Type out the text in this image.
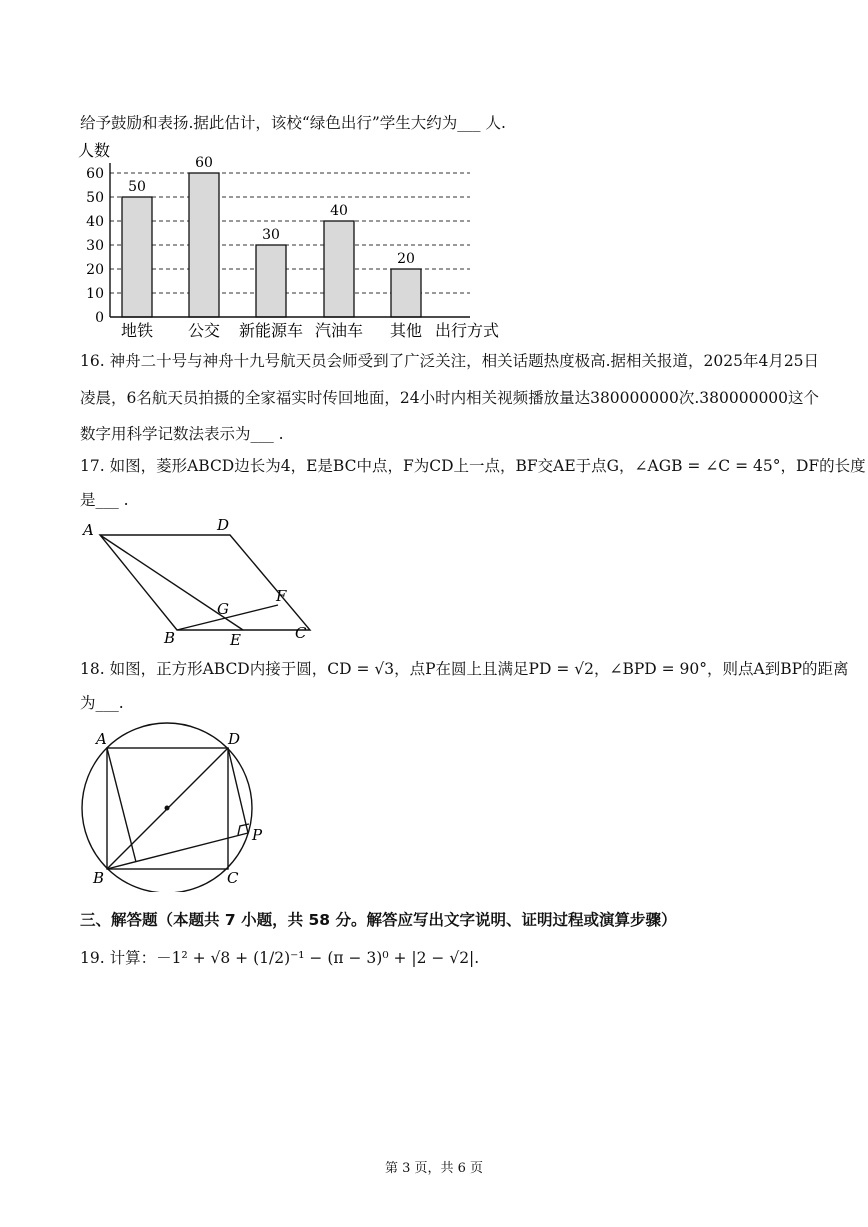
给予鼓励和表扬.据此估计，该校“绿色出行”学生大约为___ 人.
50
60
30
40
20
0
10
20
30
40
50
60
地铁 公交 新能源车 汽油车 其他
人数
出行方式
16. 神舟二十号与神舟十九号航天员会师受到了广泛关注，相关话题热度极高.据相关报道，2025年4月25日
凌晨，6名航天员拍摄的全家福实时传回地面，24小时内相关视频播放量达380000000次.380000000这个
数字用科学记数法表示为___ .
17. 如图，菱形ABCD边长为4，E是BC中点，F为CD上一点，BF交AE于点G，∠AGB = ∠C = 45°，DF的长度
是___ .
A	D
B	C
E
F
G
18. 如图，正方形ABCD内接于圆，CD = √3，点P在圆上且满足PD = √2，∠BPD = 90°，则点A到BP的距离
为___.
A	D
B	C
P
三、解答题（本题共 7 小题，共 58 分。解答应写出文字说明、证明过程或演算步骤）
19. 计算：－1² + √8 + (1/2)⁻¹ − (π − 3)⁰ + |2 − √2|.
第 3 页，共 6 页
